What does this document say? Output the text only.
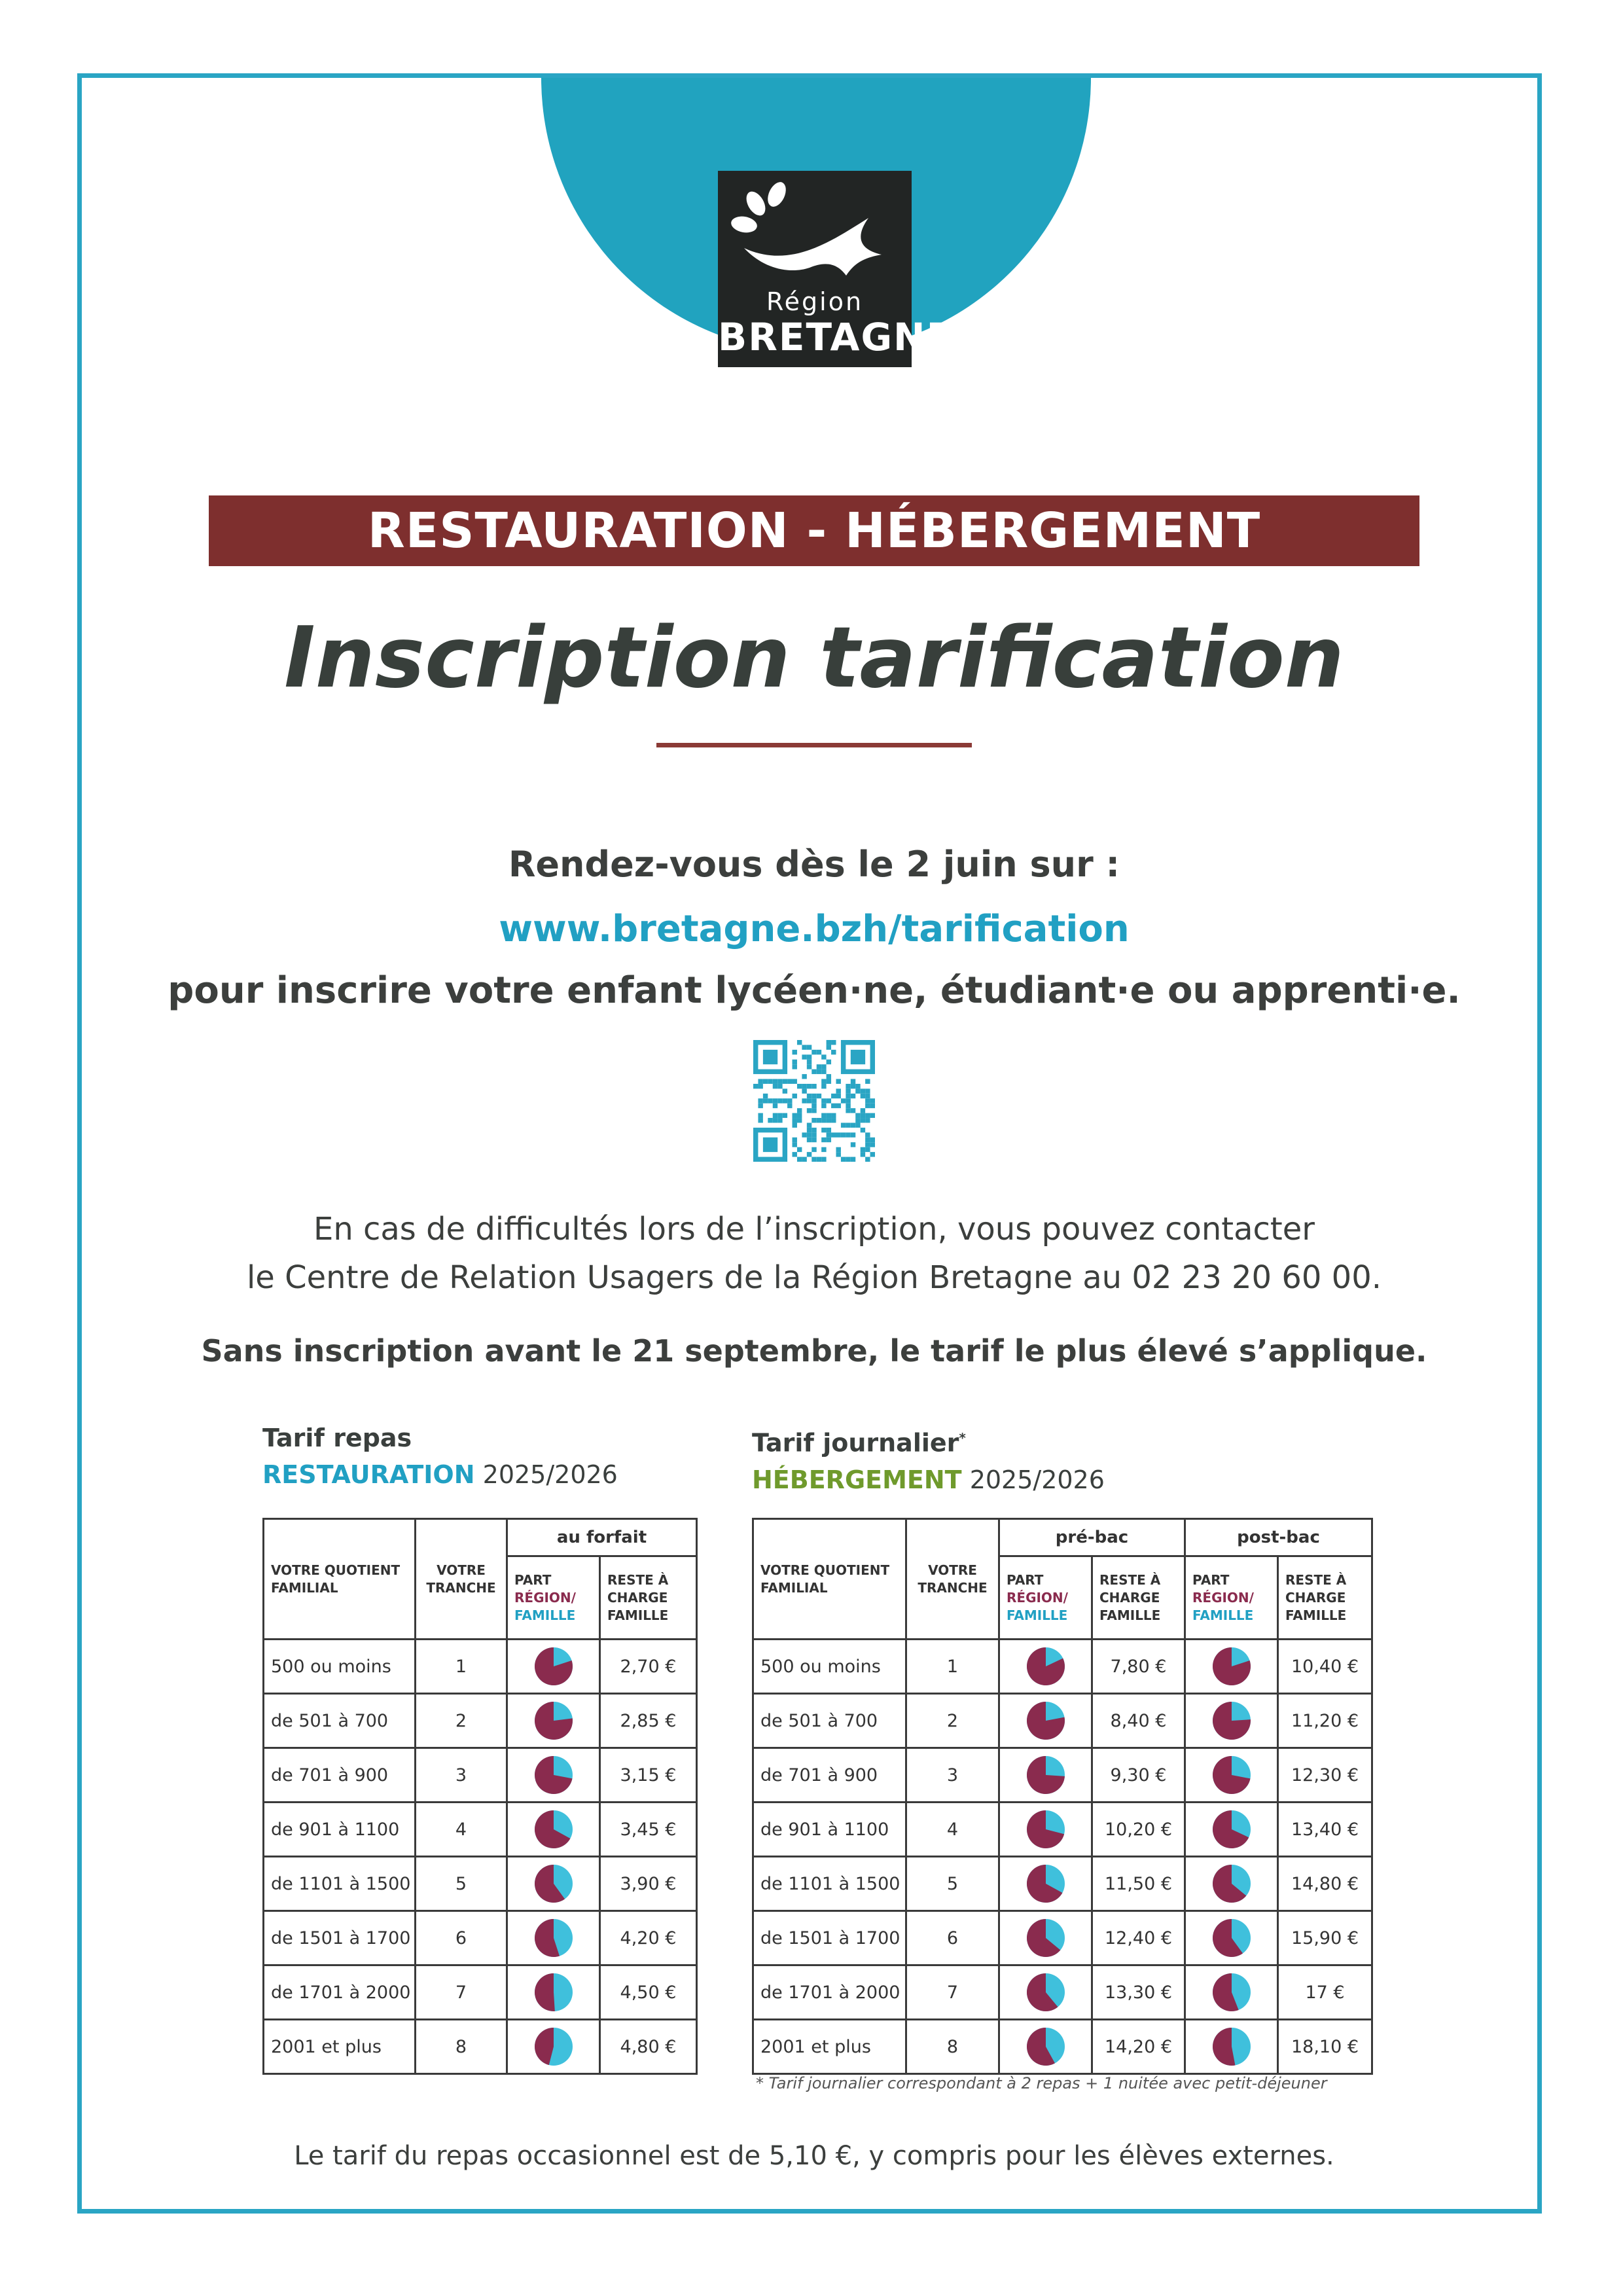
Région
BRETAGNE
RESTAURATION - HÉBERGEMENT
Inscription tarification
Rendez-vous dès le 2 juin sur :
www.bretagne.bzh/tarification
pour inscrire votre enfant lycéen·ne, étudiant·e ou apprenti·e.
En cas de difficultés lors de l’inscription, vous pouvez contacter
le Centre de Relation Usagers de la Région Bretagne au 02 23 20 60 00.
Sans inscription avant le 21 septembre, le tarif le plus élevé s’applique.
Tarif repas
RESTAURATION 2025/2026
Tarif journalier*
HÉBERGEMENT 2025/2026
VOTRE QUOTIENT FAMILIAL	VOTRE TRANCHE	au forfait	
		PART
RÉGION/
FAMILLE	RESTE À CHARGE FAMILLE
500 ou moins	1		2,70 €
de 501 à 700	2		2,85 €
de 701 à 900	3		3,15 €
de 901 à 1100	4		3,45 €
de 1101 à 1500	5		3,90 €
de 1501 à 1700	6		4,20 €
de 1701 à 2000	7		4,50 €
2001 et plus	8		4,80 €
VOTRE QUOTIENT FAMILIAL	VOTRE TRANCHE	pré-bac		post-bac	
		PART
RÉGION/
FAMILLE	RESTE À CHARGE FAMILLE	PART
RÉGION/
FAMILLE	RESTE À CHARGE FAMILLE
500 ou moins	1		7,80 €		10,40 €
de 501 à 700	2		8,40 €		11,20 €
de 701 à 900	3		9,30 €		12,30 €
de 901 à 1100	4		10,20 €		13,40 €
de 1101 à 1500	5		11,50 €		14,80 €
de 1501 à 1700	6		12,40 €		15,90 €
de 1701 à 2000	7		13,30 €		17 €
2001 et plus	8		14,20 €		18,10 €
* Tarif journalier correspondant à 2 repas + 1 nuitée avec petit-déjeuner
Le tarif du repas occasionnel est de 5,10 €, y compris pour les élèves externes.
